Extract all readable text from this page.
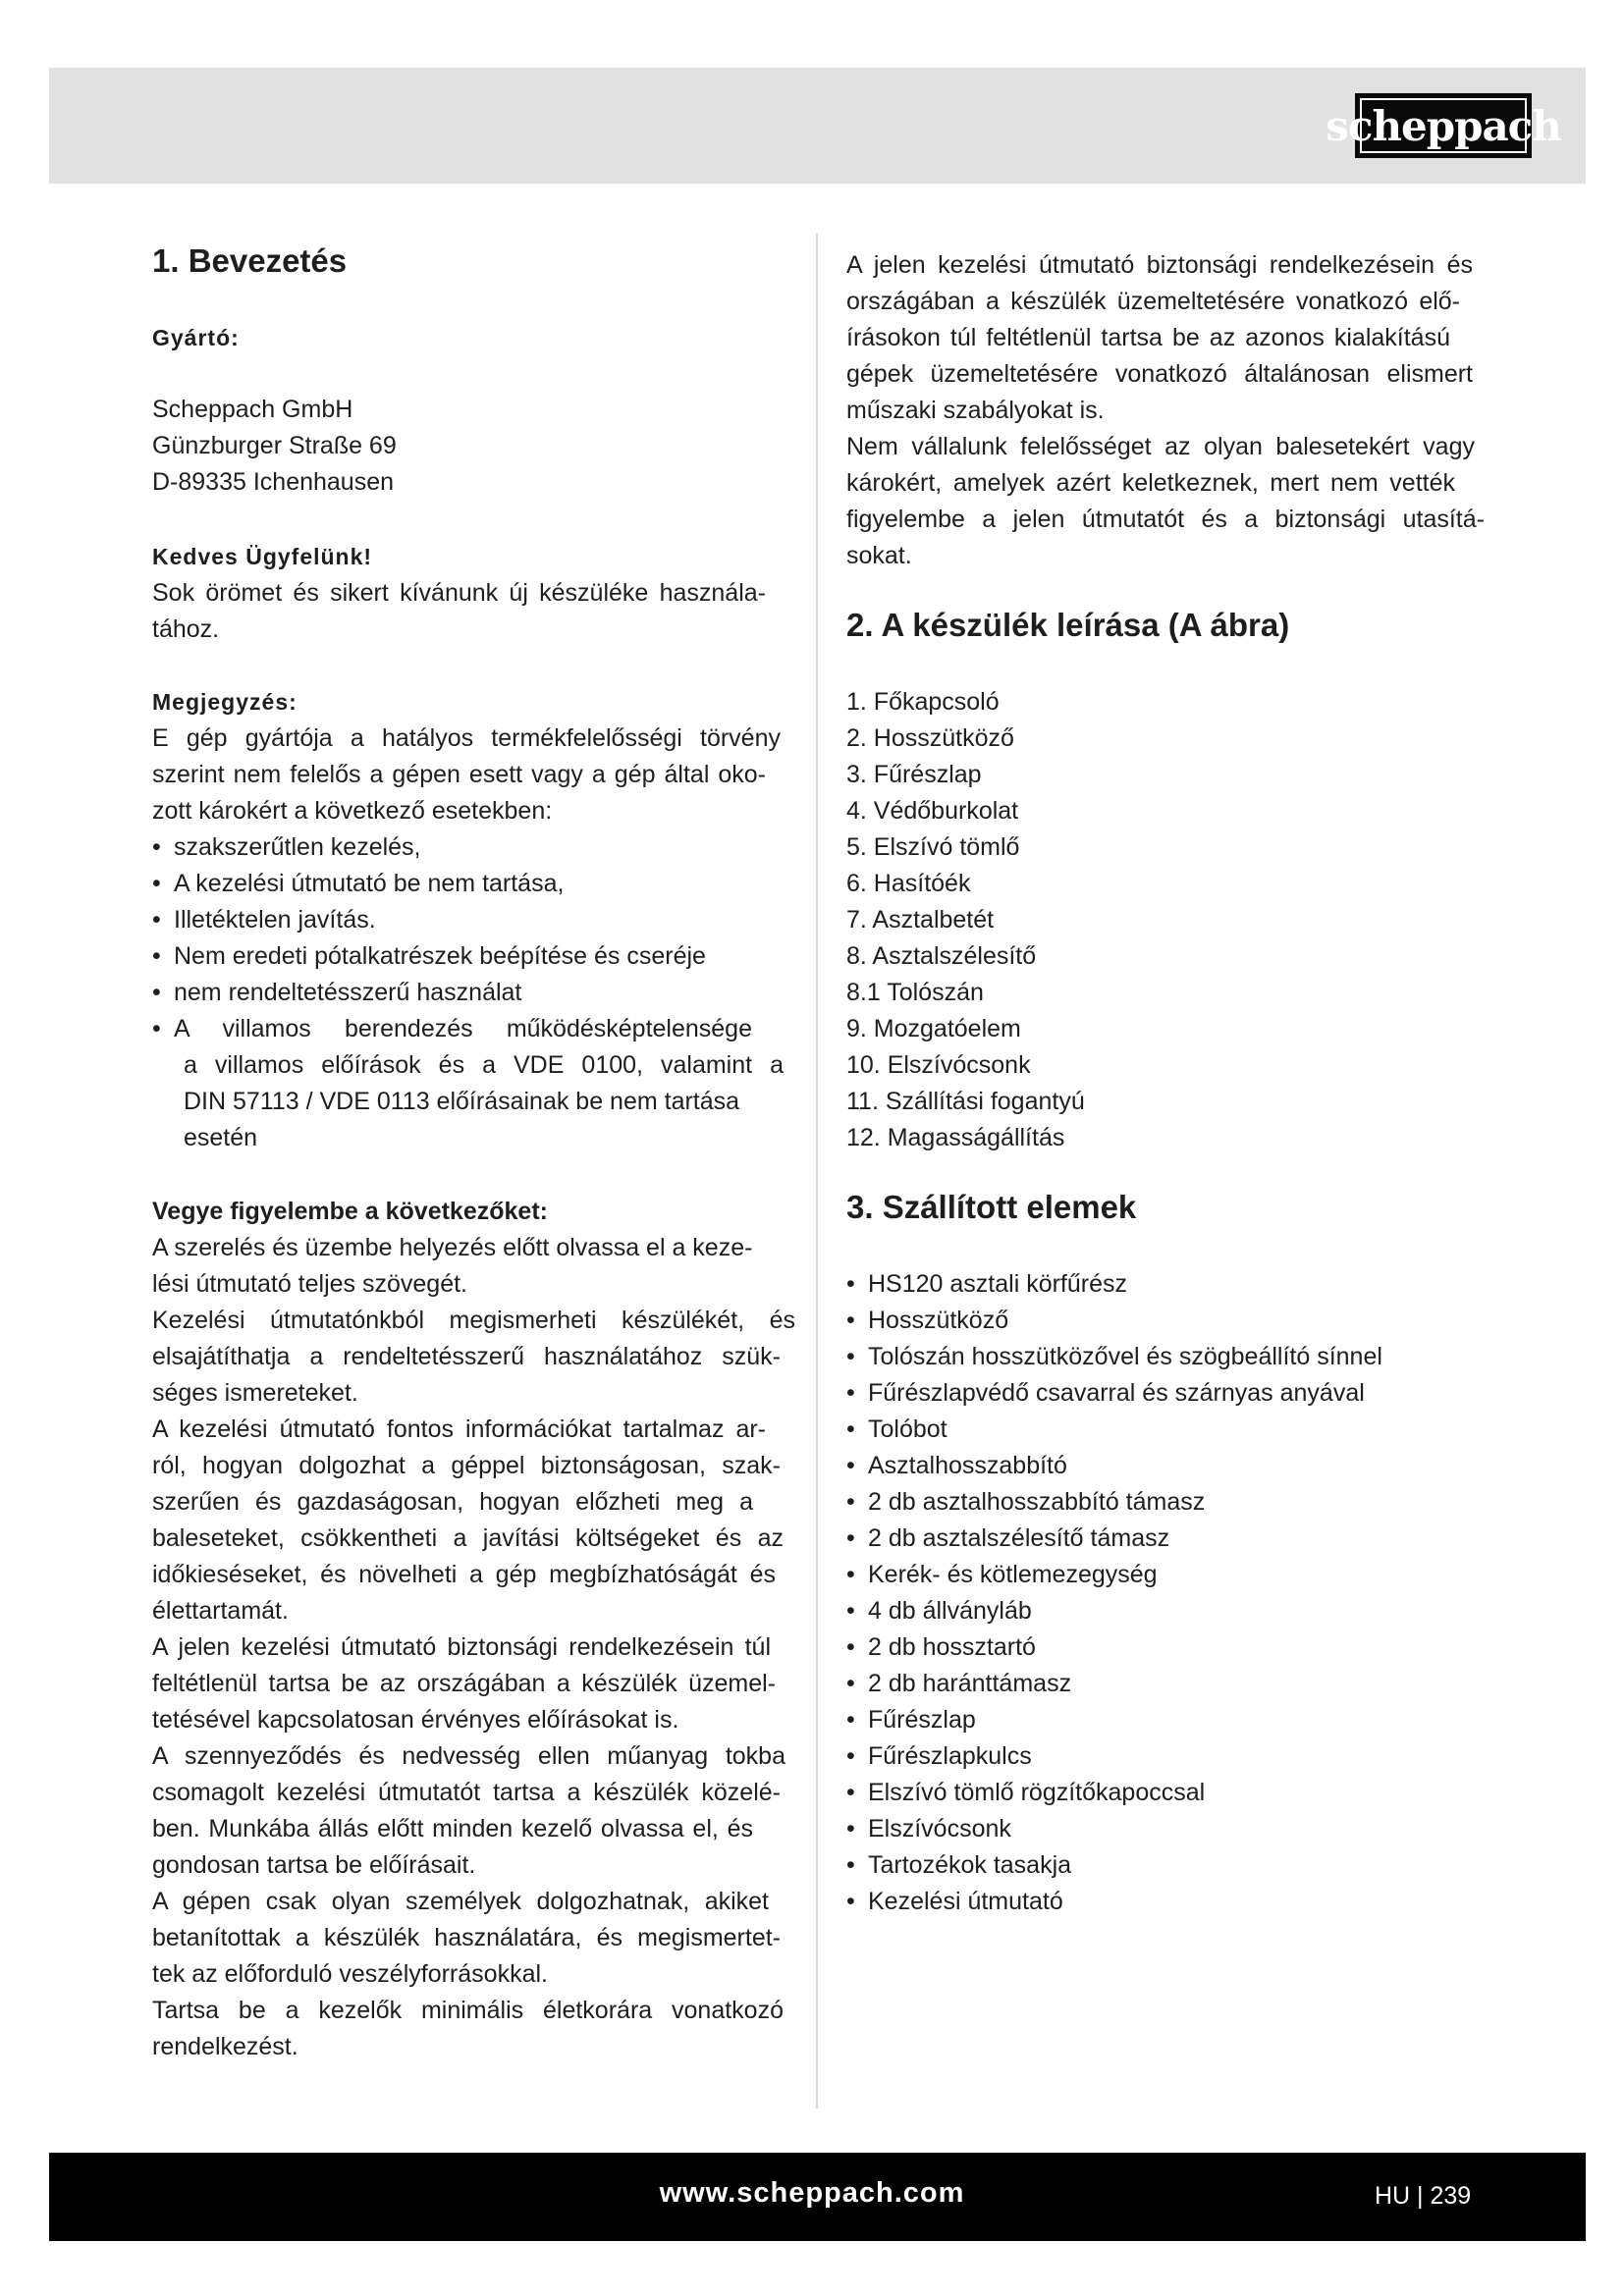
scheppach
1. Bevezetés
Gyártó:
Scheppach GmbH
Günzburger Straße 69
D-89335 Ichenhausen
Kedves Ügyfelünk!
Sok örömet és sikert kívánunk új készüléke használa-
tához.
Megjegyzés:
E gép gyártója a hatályos termékfelelősségi törvény
szerint nem felelős a gépen esett vagy a gép által oko-
zott károkért a következő esetekben:
• szakszerűtlen kezelés,
• A kezelési útmutató be nem tartása,
• Illetéktelen javítás.
• Nem eredeti pótalkatrészek beépítése és cseréje
• nem rendeltetésszerű használat
• A villamos berendezés működésképtelensége
a villamos előírások és a VDE 0100, valamint a
DIN 57113 / VDE 0113 előírásainak be nem tartása
esetén
Vegye figyelembe a következőket:
A szerelés és üzembe helyezés előtt olvassa el a keze-
lési útmutató teljes szövegét.
Kezelési útmutatónkból megismerheti készülékét, és
elsajátíthatja a rendeltetésszerű használatához szük-
séges ismereteket.
A kezelési útmutató fontos információkat tartalmaz ar-
ról, hogyan dolgozhat a géppel biztonságosan, szak-
szerűen és gazdaságosan, hogyan előzheti meg a
baleseteket, csökkentheti a javítási költségeket és az
időkieséseket, és növelheti a gép megbízhatóságát és
élettartamát.
A jelen kezelési útmutató biztonsági rendelkezésein túl
feltétlenül tartsa be az országában a készülék üzemel-
tetésével kapcsolatosan érvényes előírásokat is.
A szennyeződés és nedvesség ellen műanyag tokba
csomagolt kezelési útmutatót tartsa a készülék közelé-
ben. Munkába állás előtt minden kezelő olvassa el, és
gondosan tartsa be előírásait.
A gépen csak olyan személyek dolgozhatnak, akiket
betanítottak a készülék használatára, és megismertet-
tek az előforduló veszélyforrásokkal.
Tartsa be a kezelők minimális életkorára vonatkozó
rendelkezést.
A jelen kezelési útmutató biztonsági rendelkezésein és
országában a készülék üzemeltetésére vonatkozó elő-
írásokon túl feltétlenül tartsa be az azonos kialakítású
gépek üzemeltetésére vonatkozó általánosan elismert
műszaki szabályokat is.
Nem vállalunk felelősséget az olyan balesetekért vagy
károkért, amelyek azért keletkeznek, mert nem vették
figyelembe a jelen útmutatót és a biztonsági utasítá-
sokat.
2. A készülék leírása (A ábra)
1. Főkapcsoló
2. Hosszütköző
3. Fűrészlap
4. Védőburkolat
5. Elszívó tömlő
6. Hasítóék
7. Asztalbetét
8. Asztalszélesítő
8.1 Tolószán
9. Mozgatóelem
10. Elszívócsonk
11. Szállítási fogantyú
12. Magasságállítás
3. Szállított elemek
• HS120 asztali körfűrész
• Hosszütköző
• Tolószán hosszütközővel és szögbeállító sínnel
• Fűrészlapvédő csavarral és szárnyas anyával
• Tolóbot
• Asztalhosszabbító
• 2 db asztalhosszabbító támasz
• 2 db asztalszélesítő támasz
• Kerék- és kötlemezegység
• 4 db állványláb
• 2 db hossztartó
• 2 db haránttámasz
• Fűrészlap
• Fűrészlapkulcs
• Elszívó tömlő rögzítőkapoccsal
• Elszívócsonk
• Tartozékok tasakja
• Kezelési útmutató
www.scheppach.com	HU | 239
